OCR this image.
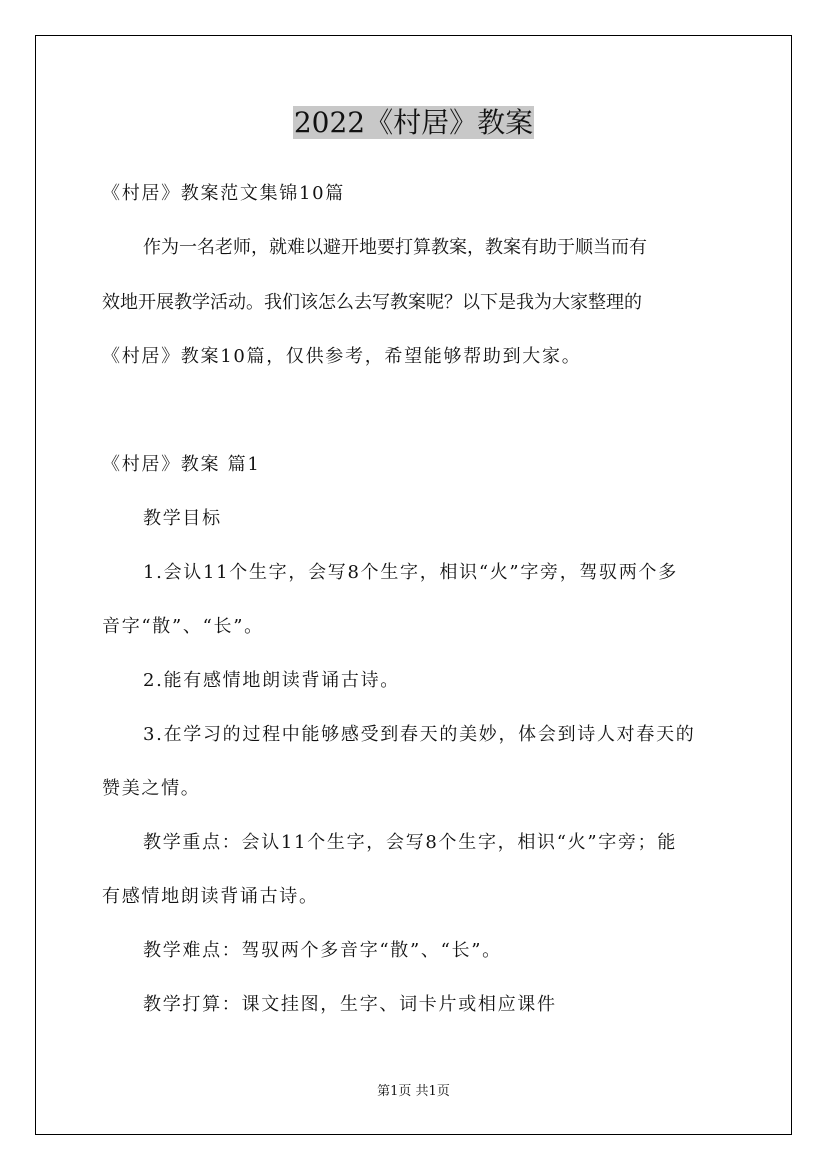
2022《村居》教案
《村居》教案范文集锦10篇
作为一名老师，就难以避开地要打算教案，教案有助于顺当而有
效地开展教学活动。我们该怎么去写教案呢？以下是我为大家整理的
《村居》教案10篇，仅供参考，希望能够帮助到大家。
《村居》教案 篇1
教学目标
1.会认11个生字，会写8个生字，相识“火”字旁，驾驭两个多
音字“散”、“长”。
2.能有感情地朗读背诵古诗。
3.在学习的过程中能够感受到春天的美妙，体会到诗人对春天的
赞美之情。
教学重点：会认11个生字，会写8个生字，相识“火”字旁；能
有感情地朗读背诵古诗。
教学难点：驾驭两个多音字“散”、“长”。
教学打算：课文挂图，生字、词卡片或相应课件
第1页 共1页
